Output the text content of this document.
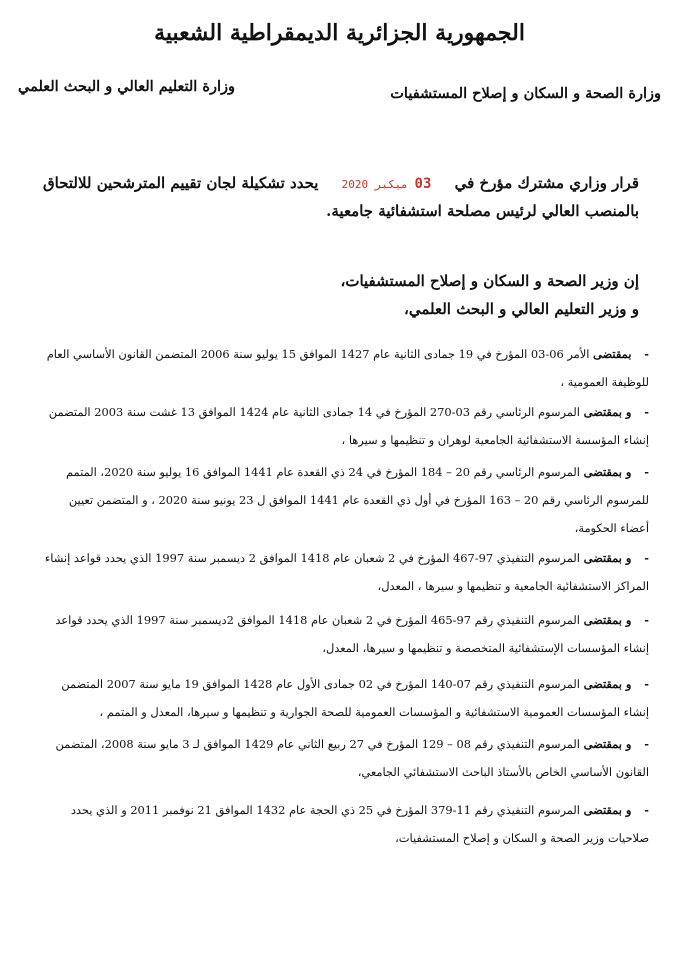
الجمهورية الجزائرية الديمقراطية الشعبية
وزارة الصحة و السكان و إصلاح المستشفيات
وزارة التعليم العالي و البحث العلمي
قرار وزاري مشترك مؤرخ في 03 ميكبر 2020 يحدد تشكيلة لجان تقييم المترشحين للالتحاق
بالمنصب العالي لرئيس مصلحة استشفائية جامعية.
إن وزير الصحة و السكان و إصلاح المستشفيات،
و وزير التعليم العالي و البحث العلمي،
- بمقتضى الأمر 06-03 المؤرخ في 19 جمادى الثانية عام 1427 الموافق 15 يوليو سنة 2006 المتضمن القانون الأساسي العام للوظيفة العمومية ،
- و بمقتضى المرسوم الرئاسي رقم 03-270 المؤرخ في 14 جمادى الثانية عام 1424 الموافق 13 غشت سنة 2003 المتضمن إنشاء المؤسسة الاستشفائية الجامعية لوهران و تنظيمها و سيرها ،
- و بمقتضى المرسوم الرئاسي رقم 20 – 184 المؤرخ في 24 ذي القعدة عام 1441 الموافق 16 يوليو سنة 2020، المتمم للمرسوم الرئاسي رقم 20 – 163 المؤرخ في أول ذي القعدة عام 1441 الموافق ل 23 يونيو سنة 2020 ، و المتضمن تعيين أعضاء الحكومة،
- و بمقتضى المرسوم التنفيذي 97-467 المؤرخ في 2 شعبان عام 1418 الموافق 2 ديسمبر سنة 1997 الذي يحدد قواعد إنشاء المراكز الاستشفائية الجامعية و تنظيمها و سيرها ، المعدل،
- و بمقتضى المرسوم التنفيذي رقم 97-465 المؤرخ في 2 شعبان عام 1418 الموافق 2ديسمبر سنة 1997 الذي يحدد قواعد إنشاء المؤسسات الإستشفائية المتخصصة و تنظيمها و سيرها، المعدل،
- و بمقتضى المرسوم التنفيذي رقم 07-140 المؤرخ في 02 جمادى الأول عام 1428 الموافق 19 مايو سنة 2007 المتضمن إنشاء المؤسسات العمومية الاستشفائية و المؤسسات العمومية للصحة الجوارية و تنظيمها و سيرها، المعدل و المتمم ،
- و بمقتضى المرسوم التنفيذي رقم 08 – 129 المؤرخ في 27 ربيع الثاني عام 1429 الموافق لـ 3 مايو سنة 2008، المتضمن القانون الأساسي الخاص بالأستاذ الباحث الاستشفائي الجامعي،
- و بمقتضى المرسوم التنفيذي رقم 11-379 المؤرخ في 25 ذي الحجة عام 1432 الموافق 21 نوفمبر 2011 و الذي يحدد صلاحيات وزير الصحة و السكان و إصلاح المستشفيات،
